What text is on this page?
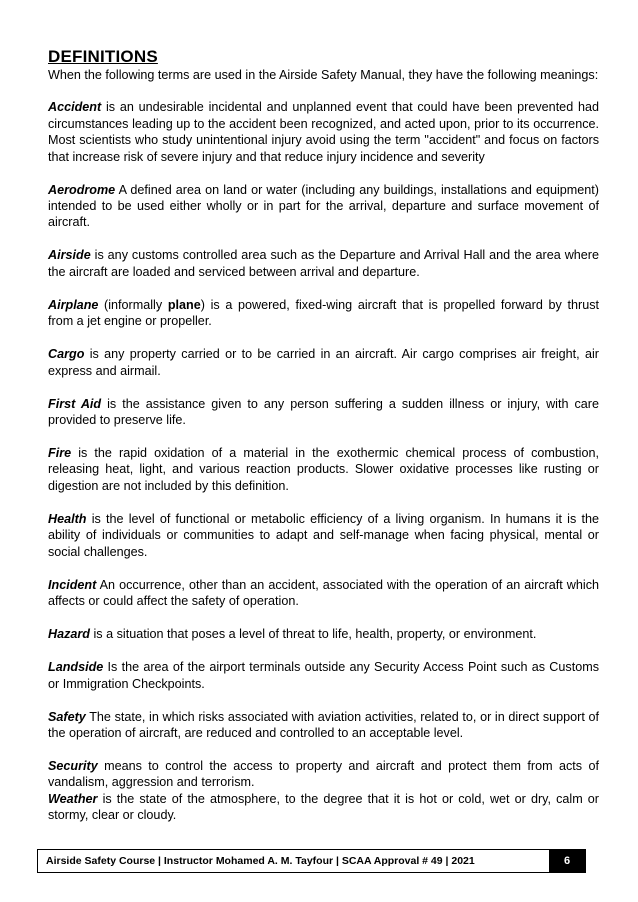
DEFINITIONS

When the following terms are used in the Airside Safety Manual, they have the following meanings:

Accident is an undesirable incidental and unplanned event that could have been prevented had circumstances leading up to the accident been recognized, and acted upon, prior to its occurrence. Most scientists who study unintentional injury avoid using the term "accident" and focus on factors that increase risk of severe injury and that reduce injury incidence and severity

Aerodrome A defined area on land or water (including any buildings, installations and equipment) intended to be used either wholly or in part for the arrival, departure and surface movement of aircraft.

Airside is any customs controlled area such as the Departure and Arrival Hall and the area where the aircraft are loaded and serviced between arrival and departure.

Airplane (informally plane) is a powered, fixed-wing aircraft that is propelled forward by thrust from a jet engine or propeller.

Cargo is any property carried or to be carried in an aircraft. Air cargo comprises air freight, air express and airmail.

First Aid is the assistance given to any person suffering a sudden illness or injury, with care provided to preserve life.

Fire is the rapid oxidation of a material in the exothermic chemical process of combustion, releasing heat, light, and various reaction products. Slower oxidative processes like rusting or digestion are not included by this definition.

Health is the level of functional or metabolic efficiency of a living organism. In humans it is the ability of individuals or communities to adapt and self-manage when facing physical, mental or social challenges.

Incident An occurrence, other than an accident, associated with the operation of an aircraft which affects or could affect the safety of operation.

Hazard is a situation that poses a level of threat to life, health, property, or environment.

Landside Is the area of the airport terminals outside any Security Access Point such as Customs or Immigration Checkpoints.

Safety The state, in which risks associated with aviation activities, related to, or in direct support of the operation of aircraft, are reduced and controlled to an acceptable level.

Security means to control the access to property and aircraft and protect them from acts of vandalism, aggression and terrorism.

Weather is the state of the atmosphere, to the degree that it is hot or cold, wet or dry, calm or stormy, clear or cloudy.

Airside Safety Course | Instructor Mohamed A. M. Tayfour | SCAA Approval # 49 | 2021	6
